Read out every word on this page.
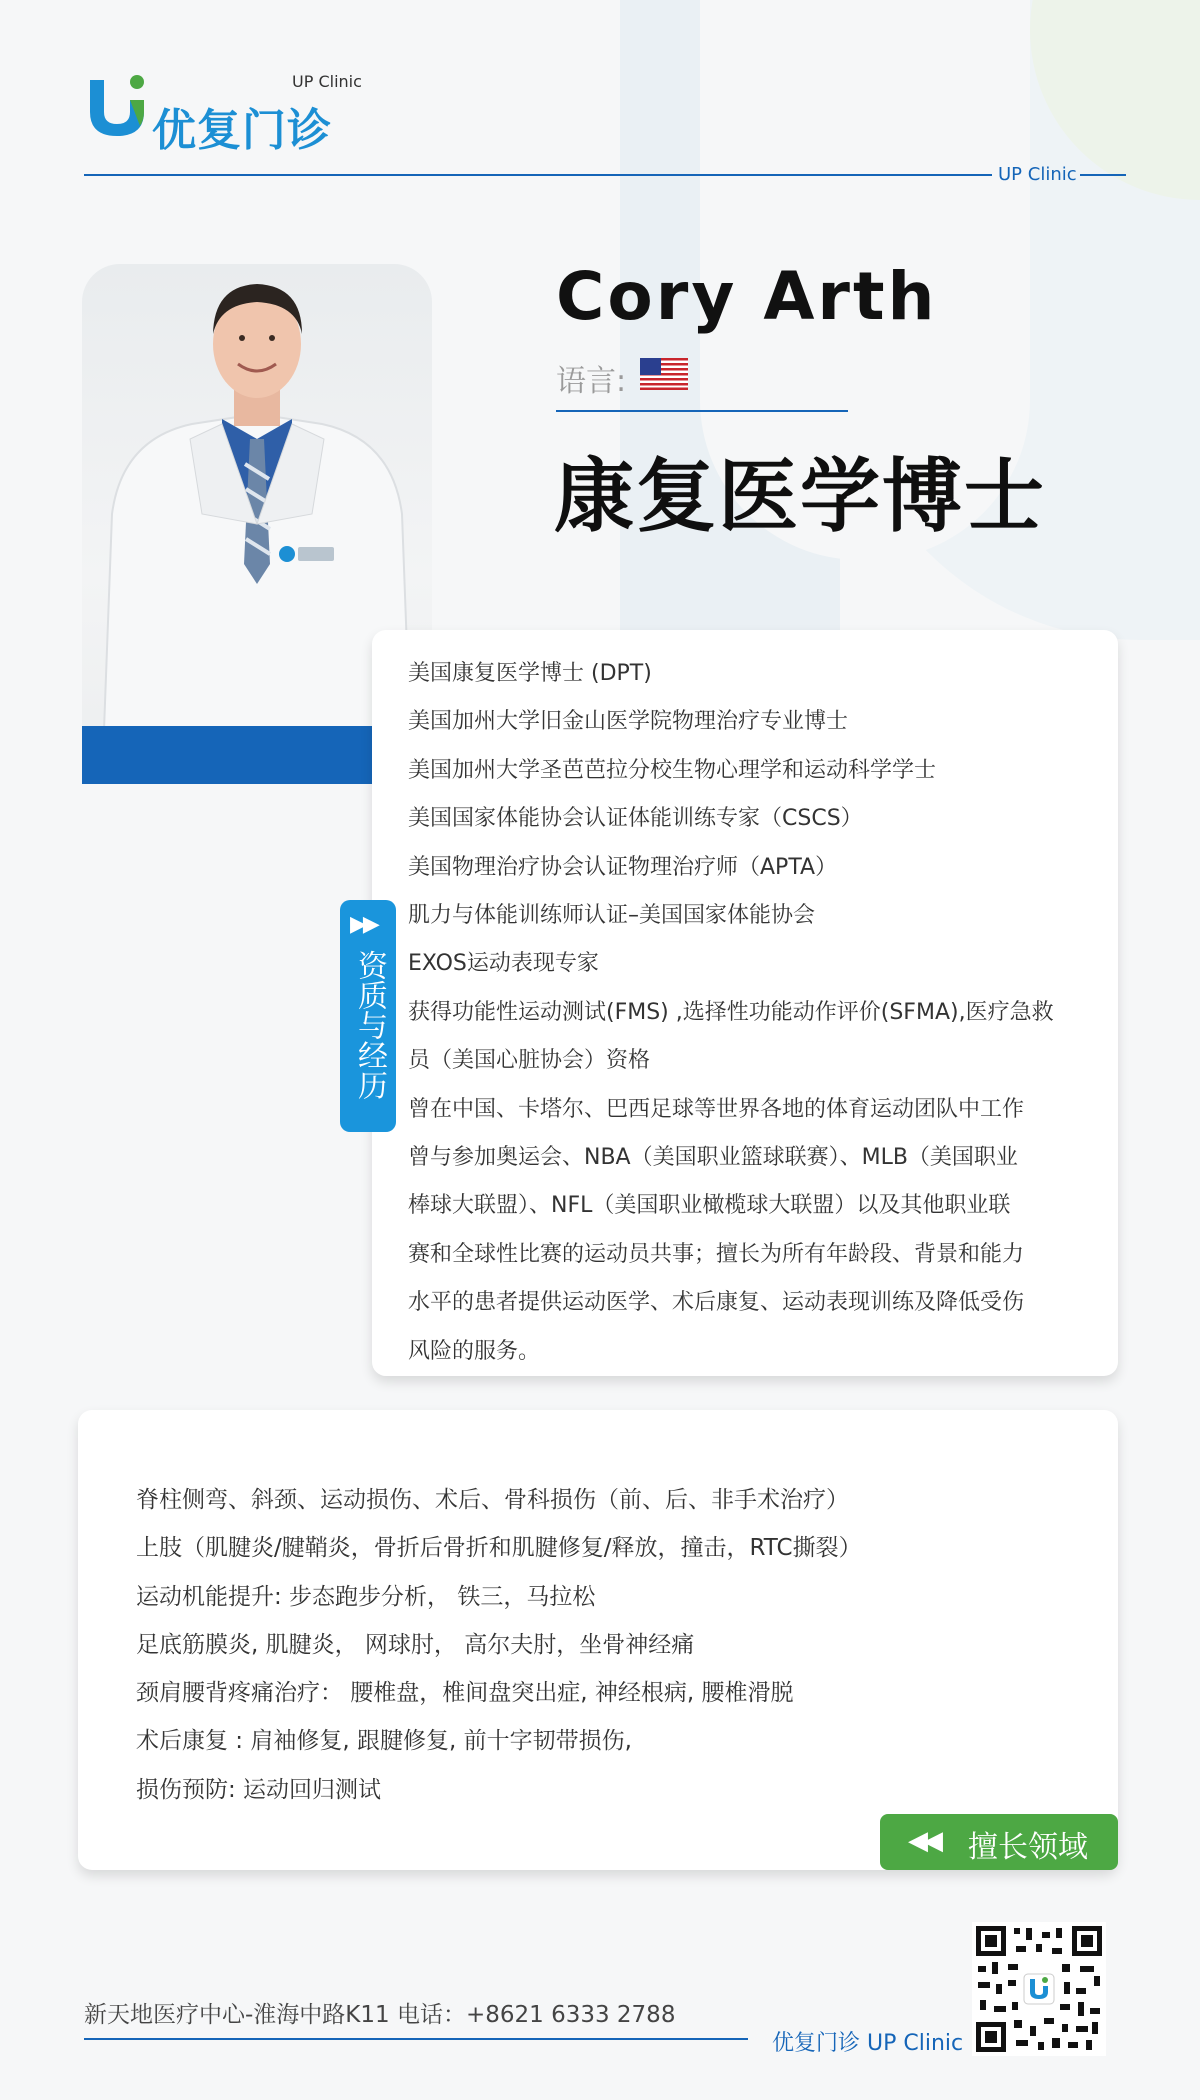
优复门诊
UP Clinic
UP Clinic
Cory Arth
语言:
康复医学博士
美国康复医学博士 (DPT)
美国加州大学旧金山医学院物理治疗专业博士
美国加州大学圣芭芭拉分校生物心理学和运动科学学士
美国国家体能协会认证体能训练专家（CSCS）
美国物理治疗协会认证物理治疗师（APTA）
肌力与体能训练师认证–美国国家体能协会
EXOS运动表现专家
获得功能性运动测试(FMS) ,选择性功能动作评价(SFMA),医疗急救
员（美国心脏协会）资格
曾在中国、卡塔尔、巴西足球等世界各地的体育运动团队中工作
曾与参加奥运会、NBA（美国职业篮球联赛）、MLB（美国职业
棒球大联盟）、NFL（美国职业橄榄球大联盟）以及其他职业联
赛和全球性比赛的运动员共事；擅长为所有年龄段、背景和能力
水平的患者提供运动医学、术后康复、运动表现训练及降低受伤
风险的服务。
▶▶
资质与经历
脊柱侧弯、斜颈、运动损伤、术后、骨科损伤（前、后、非手术治疗）
上肢（肌腱炎/腱鞘炎，骨折后骨折和肌腱修复/释放，撞击，RTC撕裂）
运动机能提升: 步态跑步分析， 铁三，马拉松
足底筋膜炎, 肌腱炎， 网球肘， 高尔夫肘，坐骨神经痛
颈肩腰背疼痛治疗： 腰椎盘，椎间盘突出症, 神经根病, 腰椎滑脱
术后康复 : 肩袖修复, 跟腱修复, 前十字韧带损伤,
损伤预防: 运动回归测试
◀◀ 擅长领域
新天地医疗中心-淮海中路K11 电话：+8621 6333 2788
优复门诊 UP Clinic
